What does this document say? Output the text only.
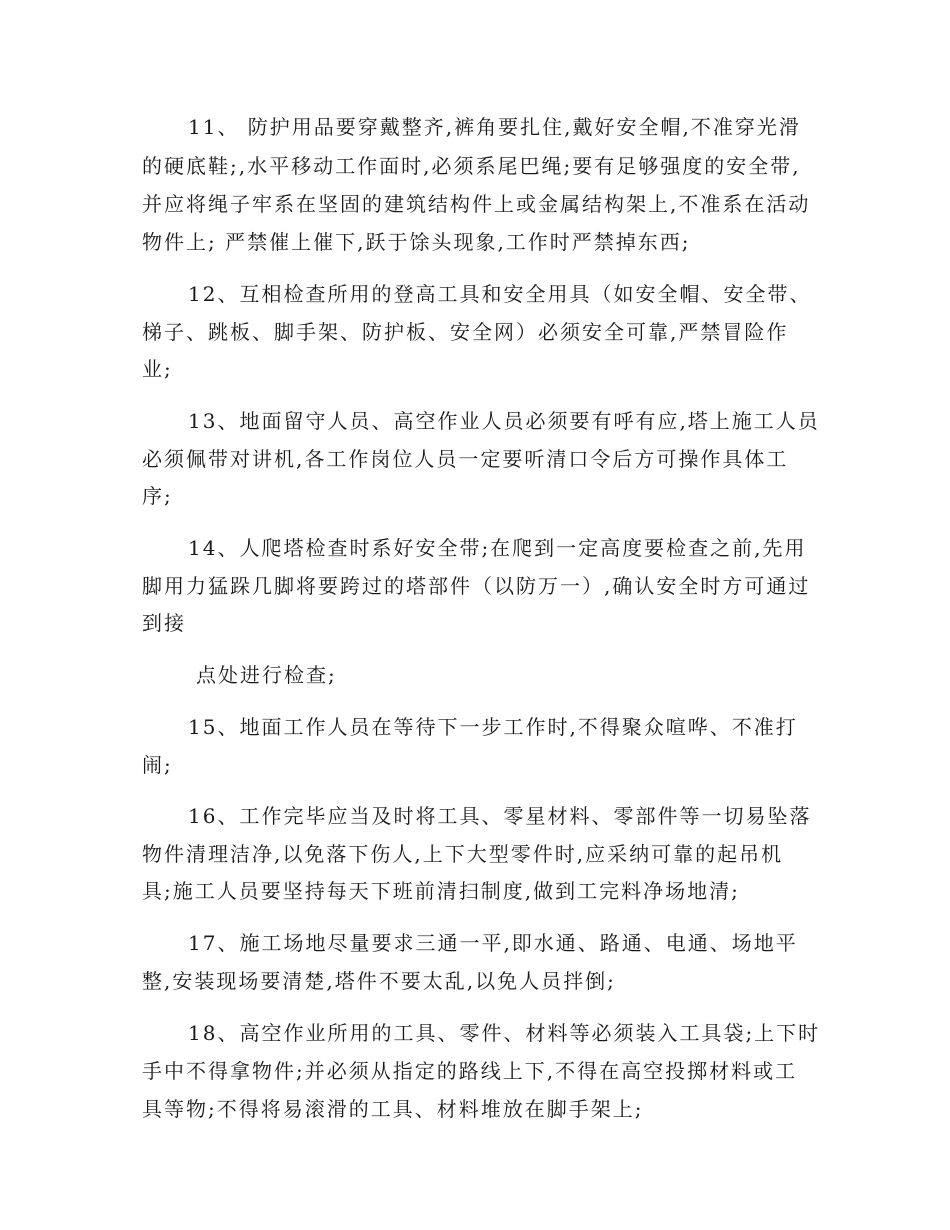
11、 防护用品要穿戴整齐,裤角要扎住,戴好安全帽,不准穿光滑
的硬底鞋;,水平移动工作面时,必须系尾巴绳;要有足够强度的安全带,
并应将绳子牢系在坚固的建筑结构件上或金属结构架上,不准系在活动
物件上; 严禁催上催下,跃于馀头现象,工作时严禁掉东西;
12、互相检查所用的登高工具和安全用具（如安全帽、安全带、
梯子、跳板、脚手架、防护板、安全网）必须安全可靠,严禁冒险作
业;
13、地面留守人员、高空作业人员必须要有呼有应,塔上施工人员
必须佩带对讲机,各工作岗位人员一定要听清口令后方可操作具体工
序;
14、人爬塔检查时系好安全带;在爬到一定高度要检查之前,先用
脚用力猛跺几脚将要跨过的塔部件（以防万一）,确认安全时方可通过
到接
点处进行检查;
15、地面工作人员在等待下一步工作时,不得聚众喧哗、不准打
闹;
16、工作完毕应当及时将工具、零星材料、零部件等一切易坠落
物件清理洁净,以免落下伤人,上下大型零件时,应采纳可靠的起吊机
具;施工人员要坚持每天下班前清扫制度,做到工完料净场地清;
17、施工场地尽量要求三通一平,即水通、路通、电通、场地平
整,安装现场要清楚,塔件不要太乱,以免人员拌倒;
18、高空作业所用的工具、零件、材料等必须装入工具袋;上下时
手中不得拿物件;并必须从指定的路线上下,不得在高空投掷材料或工
具等物;不得将易滚滑的工具、材料堆放在脚手架上;
